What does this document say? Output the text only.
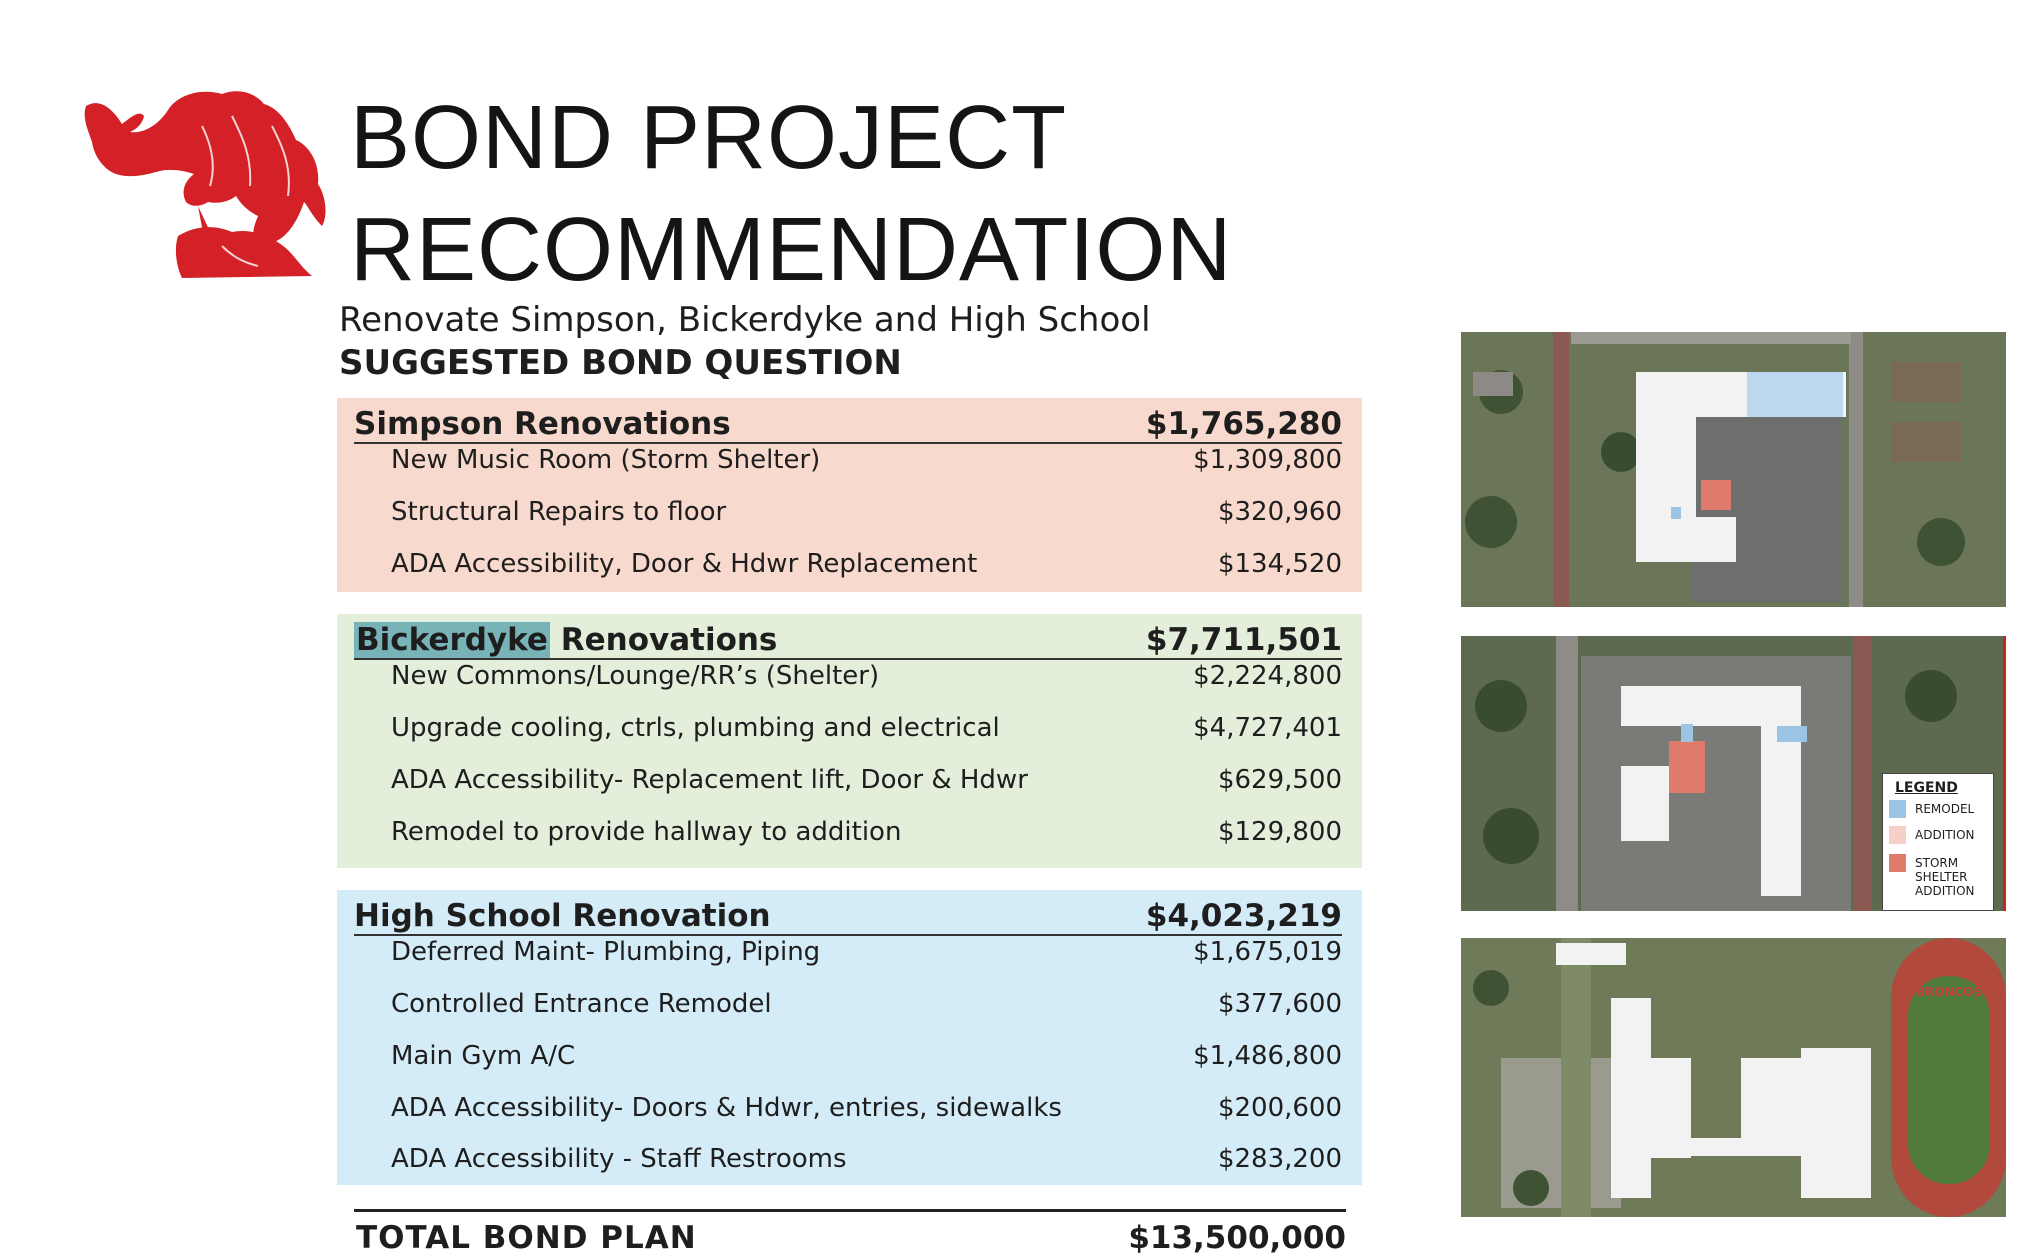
BOND PROJECT
RECOMMENDATION
Renovate Simpson, Bickerdyke and High School
SUGGESTED BOND QUESTION
Simpson Renovations	$1,765,280
New Music Room (Storm Shelter)	$1,309,800
Structural Repairs to floor	$320,960
ADA Accessibility, Door & Hdwr Replacement	$134,520
Bickerdyke Renovations	$7,711,501
New Commons/Lounge/RR’s (Shelter)	$2,224,800
Upgrade cooling, ctrls, plumbing and electrical	$4,727,401
ADA Accessibility- Replacement lift, Door & Hdwr	$629,500
Remodel to provide hallway to addition	$129,800
High School Renovation	$4,023,219
Deferred Maint- Plumbing, Piping	$1,675,019
Controlled Entrance Remodel	$377,600
Main Gym A/C	$1,486,800
ADA Accessibility- Doors & Hdwr, entries, sidewalks	$200,600
ADA Accessibility - Staff Restrooms	$283,200
TOTAL BOND PLAN	$13,500,000
LEGEND
REMODEL
ADDITION
STORM
SHELTER
ADDITION
BRONCOS
